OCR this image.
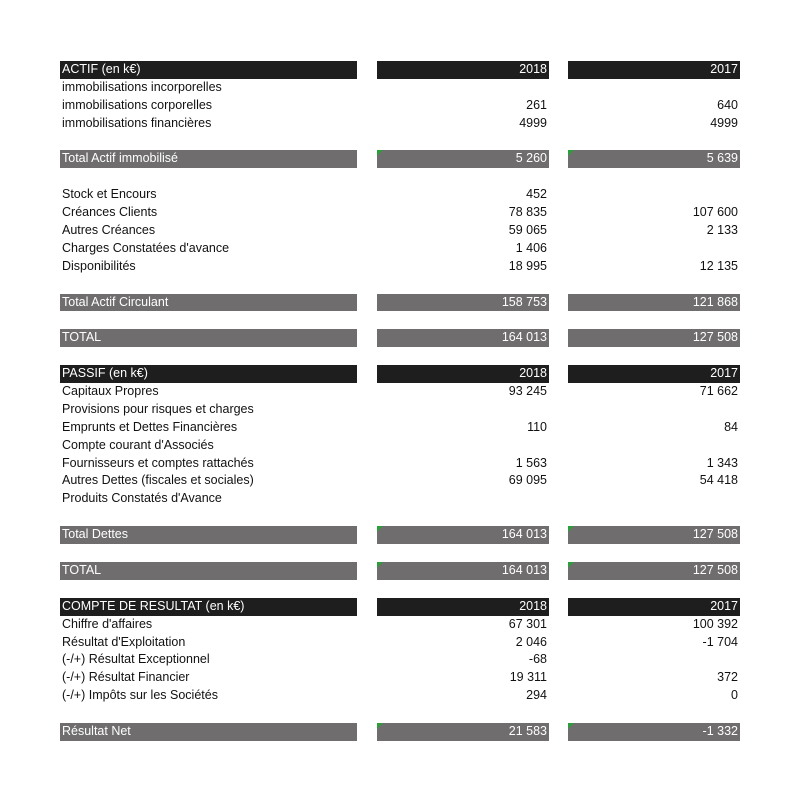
ACTIF (en k€)	2018	2017
immobilisations incorporelles
immobilisations corporelles	261	640
immobilisations financières	4999	4999
Total Actif immobilisé	5 260	5 639
Stock et Encours	452
Créances Clients	78 835	107 600
Autres Créances	59 065	2 133
Charges Constatées d'avance	1 406
Disponibilités	18 995	12 135
Total Actif Circulant	158 753	121 868
TOTAL	164 013	127 508
PASSIF (en k€)	2018	2017
Capitaux Propres	93 245	71 662
Provisions pour risques et charges
Emprunts et Dettes Financières	110	84
Compte courant d'Associés
Fournisseurs et comptes rattachés	1 563	1 343
Autres Dettes (fiscales et sociales)	69 095	54 418
Produits Constatés d'Avance
Total Dettes	164 013	127 508
TOTAL	164 013	127 508
COMPTE DE RESULTAT (en k€)	2018	2017
Chiffre d'affaires	67 301	100 392
Résultat d'Exploitation	2 046	-1 704
(-/+) Résultat Exceptionnel	-68
(-/+) Résultat Financier	19 311	372
(-/+) Impôts sur les Sociétés	294	0
Résultat Net	21 583	-1 332
